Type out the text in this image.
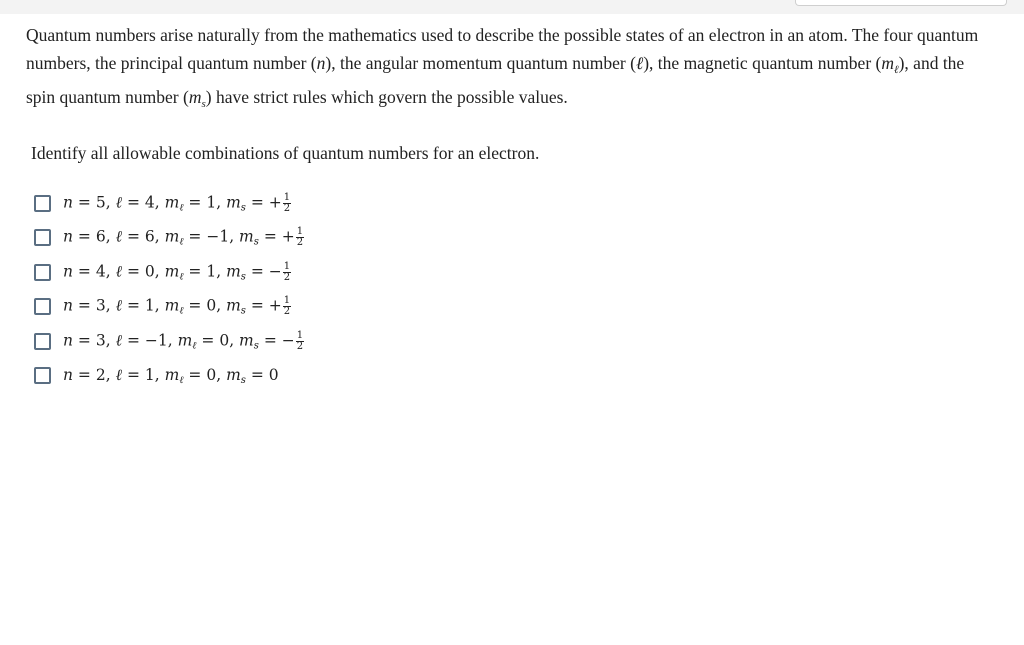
Quantum numbers arise naturally from the mathematics used to describe the possible states of an electron in an atom. The four quantum numbers, the principal quantum number (n), the angular momentum quantum number (ℓ), the magnetic quantum number $(m_\ell)$, and the spin quantum number $(m_s)$ have strict rules which govern the possible values.

Identify all allowable combinations of quantum numbers for an electron.

n = 5, ℓ = 4, mℓ = 1, ms = + $\frac{1}{2}$
n = 6, ℓ = 6, mℓ = −1, ms = + $\frac{1}{2}$
n = 4, ℓ = 0, mℓ = 1, ms = − $\frac{1}{2}$
n = 3, ℓ = 1, mℓ = 0, ms = + $\frac{1}{2}$
n = 3, ℓ = −1, mℓ = 0, ms = − $\frac{1}{2}$
n = 2, ℓ = 1, mℓ = 0, ms = 0
